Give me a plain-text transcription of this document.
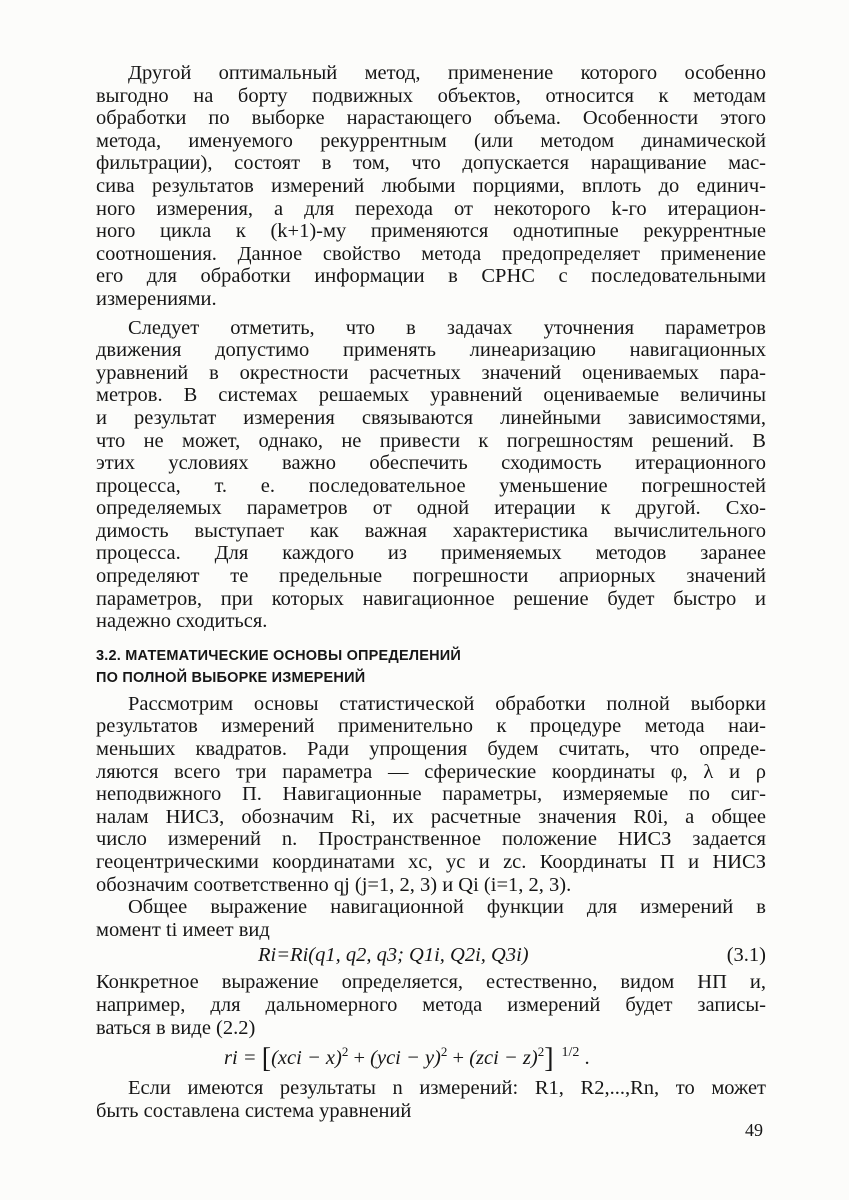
Другой оптимальный метод, применение которого особенно
выгодно на борту подвижных объектов, относится к методам
обработки по выборке нарастающего объема. Особенности этого
метода, именуемого рекуррентным (или методом динамической
фильтрации), состоят в том, что допускается наращивание мас-
сива результатов измерений любыми порциями, вплоть до единич-
ного измерения, а для перехода от некоторого k-го итерацион-
ного цикла к (k+1)-му применяются однотипные рекуррентные
соотношения. Данное свойство метода предопределяет применение
его для обработки информации в СРНС с последовательными
измерениями.

Следует отметить, что в задачах уточнения параметров
движения допустимо применять линеаризацию навигационных
уравнений в окрестности расчетных значений оцениваемых пара-
метров. В системах решаемых уравнений оцениваемые величины
и результат измерения связываются линейными зависимостями,
что не может, однако, не привести к погрешностям решений. В
этих условиях важно обеспечить сходимость итерационного
процесса, т. е. последовательное уменьшение погрешностей
определяемых параметров от одной итерации к другой. Схо-
димость выступает как важная характеристика вычислительного
процесса. Для каждого из применяемых методов заранее
определяют те предельные погрешности априорных значений
параметров, при которых навигационное решение будет быстро и
надежно сходиться.

3.2. МАТЕМАТИЧЕСКИЕ ОСНОВЫ ОПРЕДЕЛЕНИЙ
ПО ПОЛНОЙ ВЫБОРКЕ ИЗМЕРЕНИЙ

Рассмотрим основы статистической обработки полной выборки
результатов измерений применительно к процедуре метода наи-
меньших квадратов. Ради упрощения будем считать, что опреде-
ляются всего три параметра — сферические координаты φ, λ и ρ
неподвижного П. Навигационные параметры, измеряемые по сиг-
налам НИСЗ, обозначим Ri, их расчетные значения R0i, а общее
число измерений n. Пространственное положение НИСЗ задается
геоцентрическими координатами xc, yc и zc. Координаты П и НИСЗ
обозначим соответственно qj (j=1, 2, 3) и Qi (i=1, 2, 3).

Общее выражение навигационной функции для измерений в
момент ti имеет вид

Ri=Ri(q1, q2, q3; Q1i, Q2i, Q3i)	(3.1)

Конкретное выражение определяется, естественно, видом НП и,
например, для дальномерного метода измерений будет записы-
ваться в виде (2.2)

ri = [(xci − x)$^2$ + (yci − y)$^2$ + (zci − z)$^2$] $^{1/2}$ .

Если имеются результаты n измерений: R1, R2,...,Rn, то может
быть составлена система уравнений

49
